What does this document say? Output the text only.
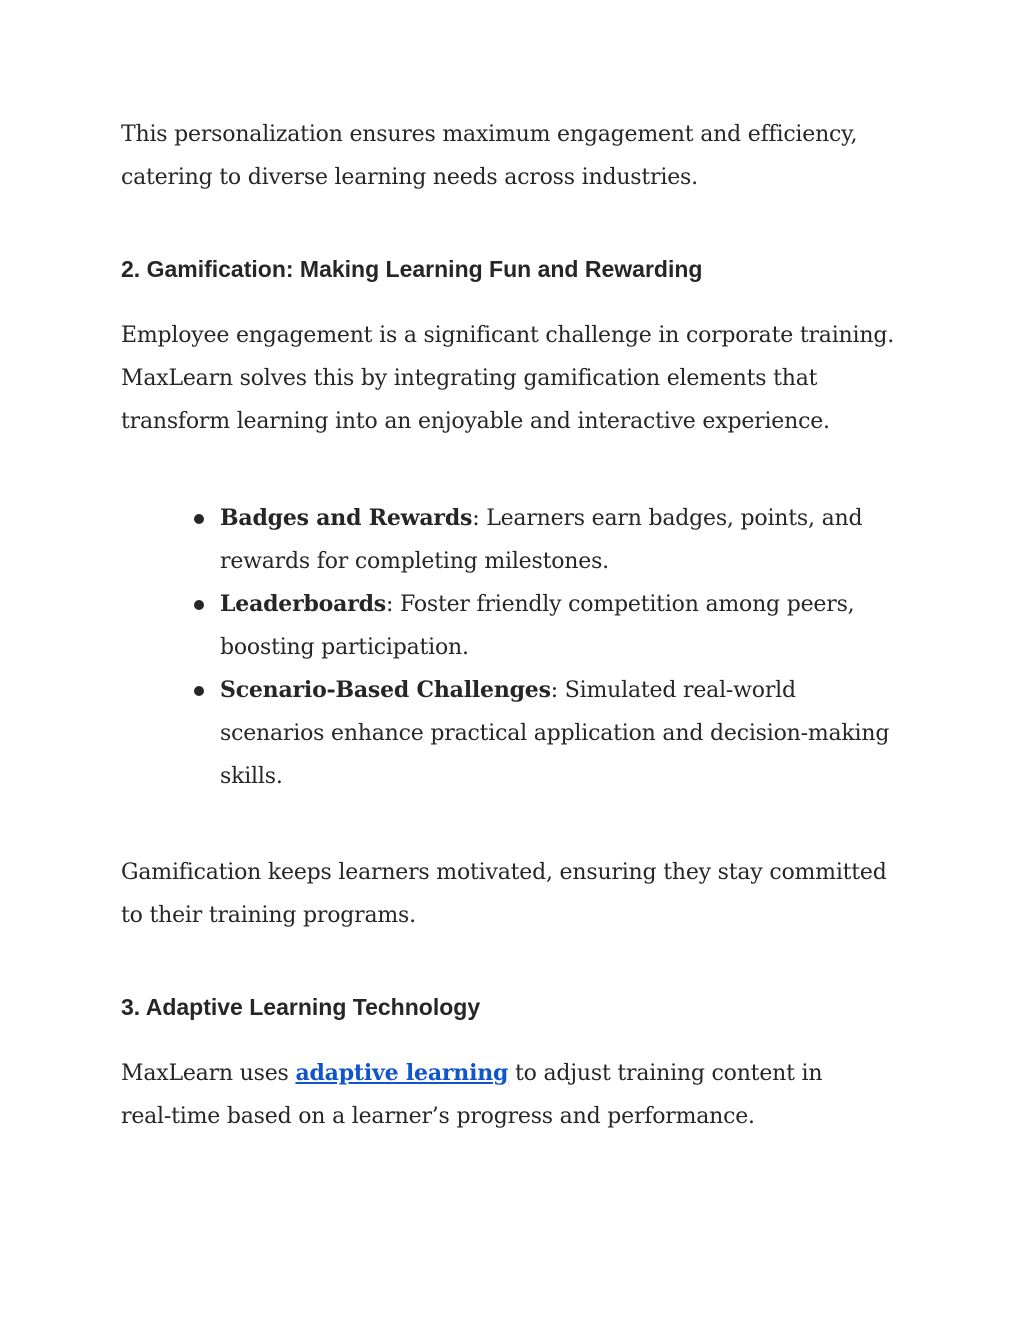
This personalization ensures maximum engagement and efficiency,
catering to diverse learning needs across industries.

2. Gamification: Making Learning Fun and Rewarding

Employee engagement is a significant challenge in corporate training.
MaxLearn solves this by integrating gamification elements that
transform learning into an enjoyable and interactive experience.

Badges and Rewards: Learners earn badges, points, and
rewards for completing milestones.
Leaderboards: Foster friendly competition among peers,
boosting participation.
Scenario-Based Challenges: Simulated real-world
scenarios enhance practical application and decision-making
skills.

Gamification keeps learners motivated, ensuring they stay committed
to their training programs.

3. Adaptive Learning Technology

MaxLearn uses adaptive learning to adjust training content in
real-time based on a learner’s progress and performance.
